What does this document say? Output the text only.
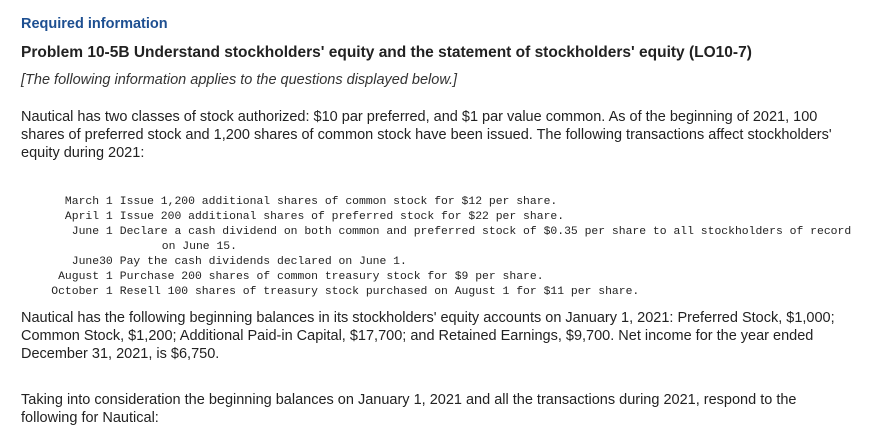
Required information
Problem 10-5B Understand stockholders' equity and the statement of stockholders' equity (LO10-7)
[The following information applies to the questions displayed below.]

Nautical has two classes of stock authorized: $10 par preferred, and $1 par value common. As of the beginning of 2021, 100 shares of preferred stock and 1,200 shares of common stock have been issued. The following transactions affect stockholders' equity during 2021:

March 1	Issue 1,200 additional shares of common stock for $12 per share.

April 1	Issue 200 additional shares of preferred stock for $22 per share.

June 1	Declare a cash dividend on both common and preferred stock of $0.35 per share to all stockholders of record on June 15.

June30	Pay the cash dividends declared on June 1.

August 1	Purchase 200 shares of common treasury stock for $9 per share.

October 1	Resell 100 shares of treasury stock purchased on August 1 for $11 per share.

Nautical has the following beginning balances in its stockholders' equity accounts on January 1, 2021: Preferred Stock, $1,000; Common Stock, $1,200; Additional Paid-in Capital, $17,700; and Retained Earnings, $9,700. Net income for the year ended December 31, 2021, is $6,750.

Taking into consideration the beginning balances on January 1, 2021 and all the transactions during 2021, respond to the following for Nautical:
